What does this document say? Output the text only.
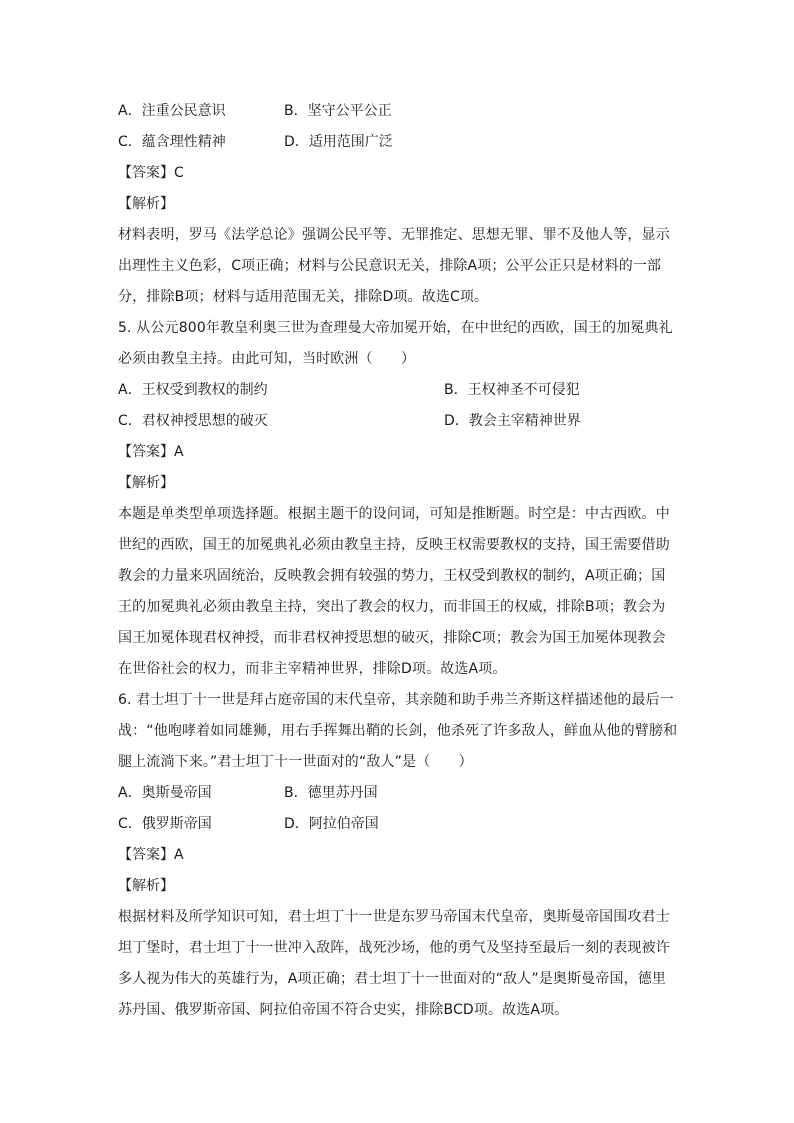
A．注重公民意识	B．坚守公平公正
C．蕴含理性精神	D．适用范围广泛
【答案】C
【解析】

材料表明，罗马《法学总论》强调公民平等、无罪推定、思想无罪、罪不及他人等，显示

出理性主义色彩，C项正确；材料与公民意识无关，排除A项；公平公正只是材料的一部

分，排除B项；材料与适用范围无关，排除D项。故选C项。

5. 从公元800年教皇利奥三世为查理曼大帝加冕开始，在中世纪的西欧，国王的加冕典礼

必须由教皇主持。由此可知，当时欧洲（　　）

A．王权受到教权的制约	B．王权神圣不可侵犯
C．君权神授思想的破灭	D．教会主宰精神世界
【答案】A
【解析】

本题是单类型单项选择题。根据主题干的设问词，可知是推断题。时空是：中古西欧。中

世纪的西欧，国王的加冕典礼必须由教皇主持，反映王权需要教权的支持，国王需要借助

教会的力量来巩固统治，反映教会拥有较强的势力，王权受到教权的制约，A项正确；国

王的加冕典礼必须由教皇主持，突出了教会的权力，而非国王的权威，排除B项；教会为

国王加冕体现君权神授，而非君权神授思想的破灭，排除C项；教会为国王加冕体现教会

在世俗社会的权力，而非主宰精神世界，排除D项。故选A项。

6. 君士坦丁十一世是拜占庭帝国的末代皇帝，其亲随和助手弗兰齐斯这样描述他的最后一

战：“他咆哮着如同雄狮，用右手挥舞出鞘的长剑，他杀死了许多敌人，鲜血从他的臂膀和

腿上流淌下来。”君士坦丁十一世面对的“敌人”是（　　）

A．奥斯曼帝国	B．德里苏丹国
C．俄罗斯帝国	D．阿拉伯帝国
【答案】A
【解析】

根据材料及所学知识可知，君士坦丁十一世是东罗马帝国末代皇帝，奥斯曼帝国围攻君士

坦丁堡时，君士坦丁十一世冲入敌阵，战死沙场，他的勇气及坚持至最后一刻的表现被许

多人视为伟大的英雄行为，A项正确；君士坦丁十一世面对的“敌人”是奥斯曼帝国，德里

苏丹国、俄罗斯帝国、阿拉伯帝国不符合史实，排除BCD项。故选A项。
